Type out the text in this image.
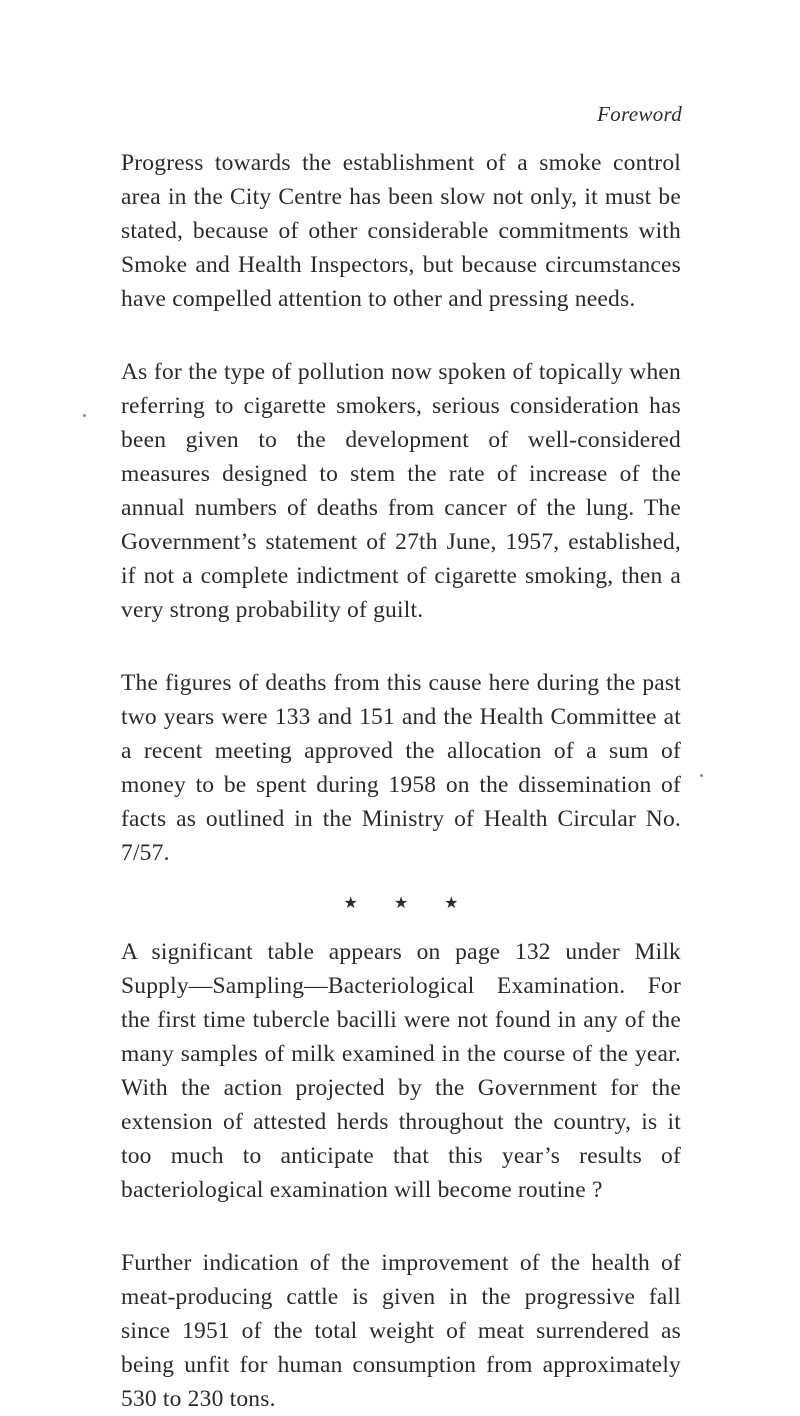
Foreword

Progress towards the establishment of a smoke control area in the City Centre has been slow not only, it must be stated, because of other considerable commitments with Smoke and Health Inspectors, but because circumstances have compelled attention to other and pressing needs.

As for the type of pollution now spoken of topically when referring to cigarette smokers, serious consideration has been given to the development of well-considered measures designed to stem the rate of increase of the annual numbers of deaths from cancer of the lung. The Government’s statement of 27th June, 1957, established, if not a complete indictment of cigarette smoking, then a very strong probability of guilt.

The figures of deaths from this cause here during the past two years were 133 and 151 and the Health Committee at a recent meeting approved the allocation of a sum of money to be spent during 1958 on the dissemination of facts as outlined in the Ministry of Health Circular No. 7/57.

★ ★ ★

A significant table appears on page 132 under Milk Supply—Sampling—Bacteriological Examination. For the first time tubercle bacilli were not found in any of the many samples of milk examined in the course of the year. With the action projected by the Government for the extension of attested herds throughout the country, is it too much to anticipate that this year’s results of bacteriological examination will become routine ?

Further indication of the improvement of the health of meat-producing cattle is given in the progressive fall since 1951 of the total weight of meat surrendered as being unfit for human consumption from approximately 530 to 230 tons.
